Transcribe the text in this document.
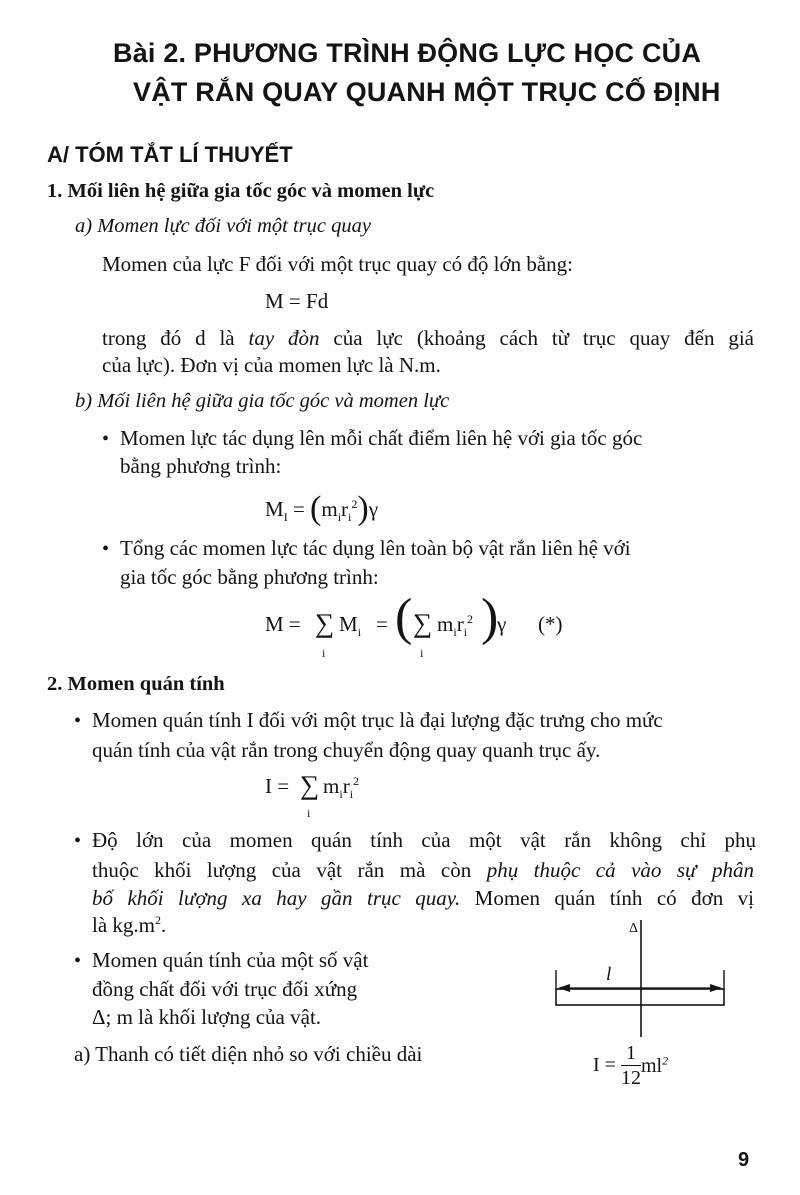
Bài 2. PHƯƠNG TRÌNH ĐỘNG LỰC HỌC CỦA
VẬT RẮN QUAY QUANH MỘT TRỤC CỐ ĐỊNH
A/ TÓM TẮT LÍ THUYẾT
1. Mối liên hệ giữa gia tốc góc và momen lực
a) Momen lực đối với một trục quay
Momen của lực F đối với một trục quay có độ lớn bằng:
M = Fd
trong đó d là tay đòn của lực (khoảng cách từ trục quay đến giá
của lực). Đơn vị của momen lực là N.m.
b) Mối liên hệ giữa gia tốc góc và momen lực
• Momen lực tác dụng lên mỗi chất điểm liên hệ với gia tốc góc
bằng phương trình:
$M_I = (m_ir_i^2)\gamma$
• Tổng các momen lực tác dụng lên toàn bộ vật rắn liên hệ với
gia tốc góc bằng phương trình:
M = ∑
i
$M_i$ = ( ∑
i
$m_ir_i^2$ )
γ (*)
2. Momen quán tính
• Momen quán tính I đối với một trục là đại lượng đặc trưng cho mức
quán tính của vật rắn trong chuyển động quay quanh trục ấy.
I = ∑
i
$m_ir_i^2$
• Độ lớn của momen quán tính của một vật rắn không chỉ phụ
thuộc khối lượng của vật rắn mà còn phụ thuộc cả vào sự phân
bố khối lượng xa hay gần trục quay. Momen quán tính có đơn vị
là $kg.m^2$.
• Momen quán tính của một số vật
đồng chất đối với trục đối xứng
Δ; m là khối lượng của vật.
a) Thanh có tiết diện nhỏ so với chiều dài
Δ
l
$I = \frac{1}{12} ml^2$
9
